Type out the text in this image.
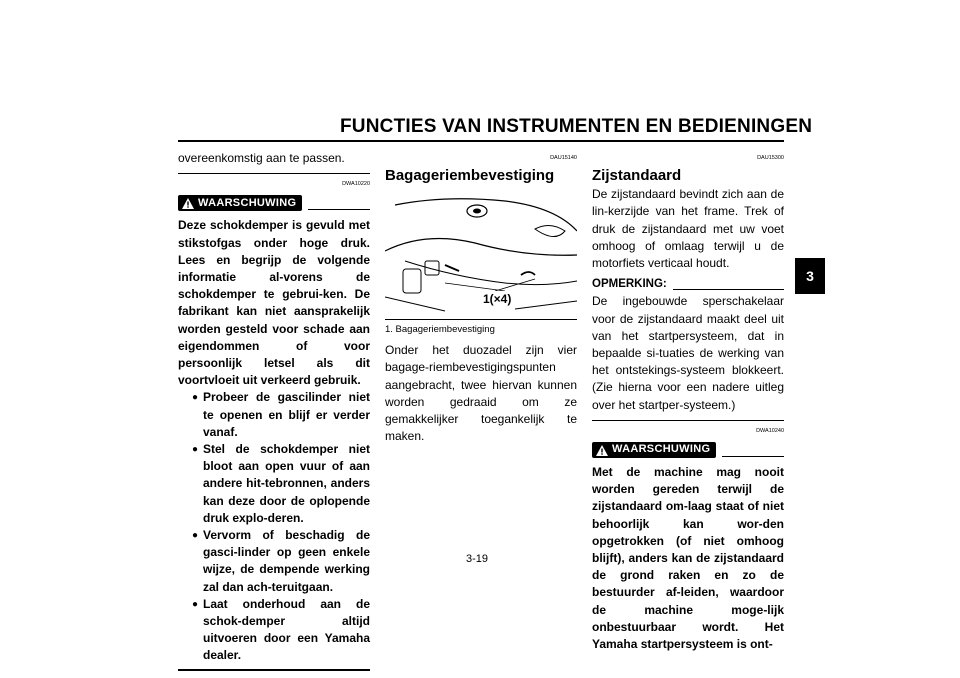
FUNCTIES VAN INSTRUMENTEN EN BEDIENINGEN
3
overeenkomstig aan te passen.
DWA10220
WAARSCHUWING
Deze schokdemper is gevuld met stikstofgas onder hoge druk. Lees en begrijp de volgende informatie al-vorens de schokdemper te gebrui-ken. De fabrikant kan niet aansprakelijk worden gesteld voor schade aan eigendommen of voor persoonlijk letsel als dit voortvloeit uit verkeerd gebruik.
● Probeer de gascilinder niet te openen en blijf er verder vanaf.
● Stel de schokdemper niet bloot aan open vuur of aan andere hit-tebronnen, anders kan deze door de oplopende druk explo-deren.
● Vervorm of beschadig de gasci-linder op geen enkele wijze, de dempende werking zal dan ach-teruitgaan.
● Laat onderhoud aan de schok-demper altijd uitvoeren door een Yamaha dealer.
DAU15140
Bagageriembevestiging
1(×4)
1. Bagageriembevestiging
Onder het duozadel zijn vier bagage-riembevestigingspunten aangebracht, twee hiervan kunnen worden gedraaid om ze gemakkelijker toegankelijk te maken.
DAU15300
Zijstandaard
De zijstandaard bevindt zich aan de lin-kerzijde van het frame. Trek of druk de zijstandaard met uw voet omhoog of omlaag terwijl u de motorfiets verticaal houdt.
OPMERKING:
De ingebouwde sperschakelaar voor de zijstandaard maakt deel uit van het startpersysteem, dat in bepaalde si-tuaties de werking van het ontstekings-systeem blokkeert. (Zie hierna voor een nadere uitleg over het startper-systeem.)
DWA10240
WAARSCHUWING
Met de machine mag nooit worden gereden terwijl de zijstandaard om-laag staat of niet behoorlijk kan wor-den opgetrokken (of niet omhoog blijft), anders kan de zijstandaard de grond raken en zo de bestuurder af-leiden, waardoor de machine moge-lijk onbestuurbaar wordt. Het Yamaha startpersysteem is ont-
3-19
